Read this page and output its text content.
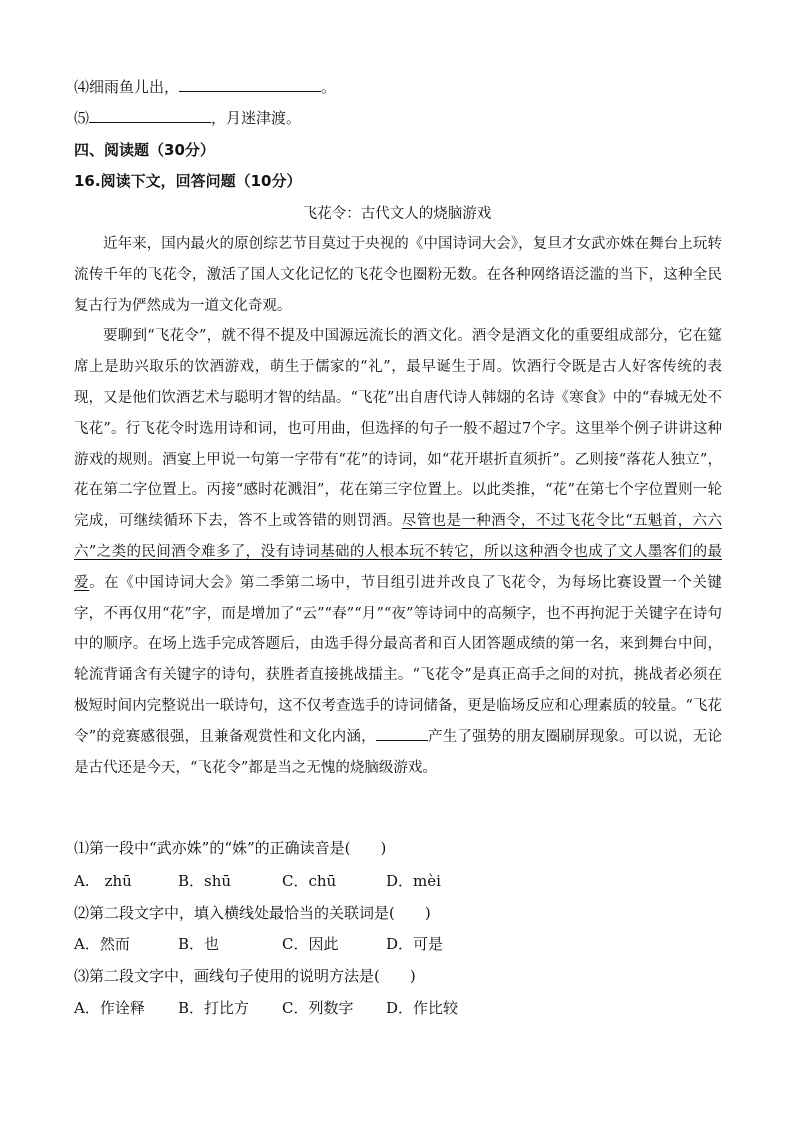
⑷细雨鱼儿出，	。
⑸	，月迷津渡。
四、阅读题（30分）
16.阅读下文，回答问题（10分）
飞花令：古代文人的烧脑游戏

近年来，国内最火的原创综艺节目莫过于央视的《中国诗词大会》，复旦才女武亦姝在舞台上玩转流传千年的飞花令，激活了国人文化记忆的飞花令也圈粉无数。在各种网络语泛滥的当下，这种全民复古行为俨然成为一道文化奇观。

要聊到“飞花令”，就不得不提及中国源远流长的酒文化。酒令是酒文化的重要组成部分，它在筵席上是助兴取乐的饮酒游戏，萌生于儒家的“礼”，最早诞生于周。饮酒行令既是古人好客传统的表现，又是他们饮酒艺术与聪明才智的结晶。“飞花”出自唐代诗人韩翃的名诗《寒食》中的“春城无处不飞花”。行飞花令时选用诗和词，也可用曲，但选择的句子一般不超过7个字。这里举个例子讲讲这种游戏的规则。酒宴上甲说一句第一字带有“花”的诗词，如“花开堪折直须折”。乙则接“落花人独立”，花在第二字位置上。丙接“感时花溅泪”，花在第三字位置上。以此类推，“花”在第七个字位置则一轮完成，可继续循环下去，答不上或答错的则罚酒。尽管也是一种酒令，不过飞花令比“五魁首，六六六”之类的民间酒令难多了，没有诗词基础的人根本玩不转它，所以这种酒令也成了文人墨客们的最爱。在《中国诗词大会》第二季第二场中，节目组引进并改良了飞花令，为每场比赛设置一个关键字，不再仅用“花”字，而是增加了“云”“春”“月”“夜”等诗词中的高频字，也不再拘泥于关键字在诗句中的顺序。在场上选手完成答题后，由选手得分最高者和百人团答题成绩的第一名，来到舞台中间，轮流背诵含有关键字的诗句，获胜者直接挑战擂主。“飞花令”是真正高手之间的对抗，挑战者必须在极短时间内完整说出一联诗句，这不仅考查选手的诗词储备，更是临场反应和心理素质的较量。“飞花令”的竞赛感很强，且兼备观赏性和文化内涵，	产生了强势的朋友圈刷屏现象。可以说，无论是古代还是今天，“飞花令”都是当之无愧的烧脑级游戏。

⑴第一段中“武亦姝”的“姝”的正确读音是(　　)
A.　zhū	B．shū	C．chū	D．mèi
⑵第二段文字中，填入横线处最恰当的关联词是(　　)
A．然而	B．也	C．因此	D．可是
⑶第二段文字中，画线句子使用的说明方法是(　　)
A．作诠释 B．打比方 C．列数字 D．作比较
